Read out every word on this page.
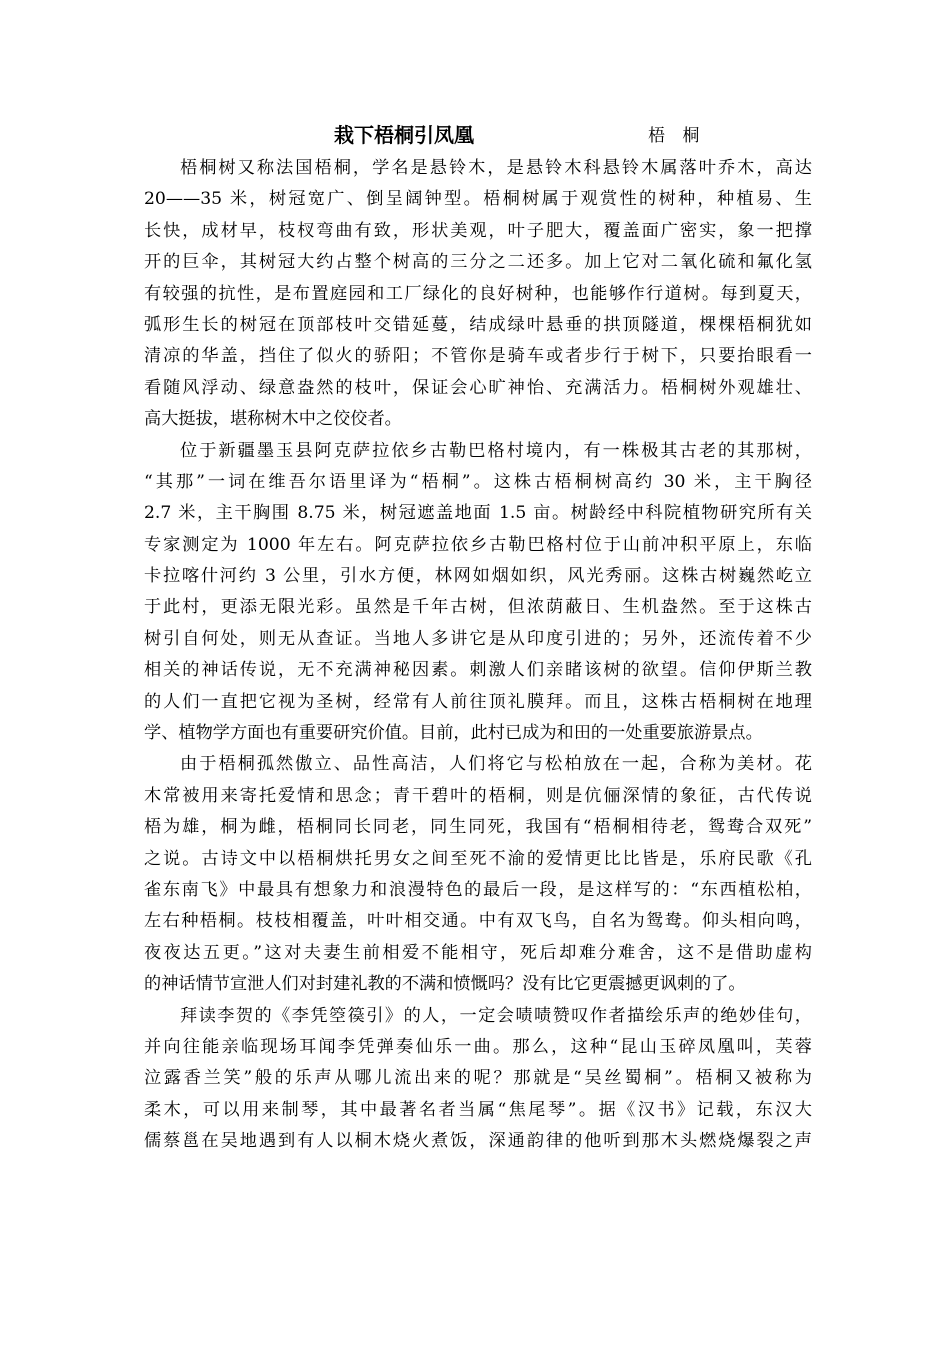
栽下梧桐引凤凰	梧 桐
梧桐树又称法国梧桐，学名是悬铃木，是悬铃木科悬铃木属落叶乔木，高达
20——35 米，树冠宽广、倒呈阔钟型。梧桐树属于观赏性的树种，种植易、生
长快，成材早，枝杈弯曲有致，形状美观，叶子肥大，覆盖面广密实，象一把撑
开的巨伞，其树冠大约占整个树高的三分之二还多。加上它对二氧化硫和氟化氢
有较强的抗性，是布置庭园和工厂绿化的良好树种，也能够作行道树。每到夏天，
弧形生长的树冠在顶部枝叶交错延蔓，结成绿叶悬垂的拱顶隧道，棵棵梧桐犹如
清凉的华盖，挡住了似火的骄阳；不管你是骑车或者步行于树下，只要抬眼看一
看随风浮动、绿意盎然的枝叶，保证会心旷神怡、充满活力。梧桐树外观雄壮、
高大挺拔，堪称树木中之佼佼者。
位于新疆墨玉县阿克萨拉依乡古勒巴格村境内，有一株极其古老的其那树，
“其那”一词在维吾尔语里译为“梧桐”。这株古梧桐树高约 30 米，主干胸径
2.7 米，主干胸围 8.75 米，树冠遮盖地面 1.5 亩。树龄经中科院植物研究所有关
专家测定为 1000 年左右。阿克萨拉依乡古勒巴格村位于山前冲积平原上，东临
卡拉喀什河约 3 公里，引水方便，林网如烟如织，风光秀丽。这株古树巍然屹立
于此村，更添无限光彩。虽然是千年古树，但浓荫蔽日、生机盎然。至于这株古
树引自何处，则无从查证。当地人多讲它是从印度引进的；另外，还流传着不少
相关的神话传说，无不充满神秘因素。刺激人们亲睹该树的欲望。信仰伊斯兰教
的人们一直把它视为圣树，经常有人前往顶礼膜拜。而且，这株古梧桐树在地理
学、植物学方面也有重要研究价值。目前，此村已成为和田的一处重要旅游景点。
由于梧桐孤然傲立、品性高洁，人们将它与松柏放在一起，合称为美材。花
木常被用来寄托爱情和思念；青干碧叶的梧桐，则是伉俪深情的象征，古代传说
梧为雄，桐为雌，梧桐同长同老，同生同死，我国有“梧桐相待老，鸳鸯合双死”
之说。古诗文中以梧桐烘托男女之间至死不渝的爱情更比比皆是，乐府民歌《孔
雀东南飞》中最具有想象力和浪漫特色的最后一段，是这样写的：“东西植松柏，
左右种梧桐。枝枝相覆盖，叶叶相交通。中有双飞鸟，自名为鸳鸯。仰头相向鸣，
夜夜达五更。”这对夫妻生前相爱不能相守，死后却难分难舍，这不是借助虚构
的神话情节宣泄人们对封建礼教的不满和愤慨吗？没有比它更震撼更讽刺的了。
拜读李贺的《李凭箜篌引》的人，一定会啧啧赞叹作者描绘乐声的绝妙佳句，
并向往能亲临现场耳闻李凭弹奏仙乐一曲。那么，这种“昆山玉碎凤凰叫，芙蓉
泣露香兰笑”般的乐声从哪儿流出来的呢？那就是“吴丝蜀桐”。梧桐又被称为
柔木，可以用来制琴，其中最著名者当属“焦尾琴”。据《汉书》记载，东汉大
儒蔡邕在吴地遇到有人以桐木烧火煮饭，深通韵律的他听到那木头燃烧爆裂之声
